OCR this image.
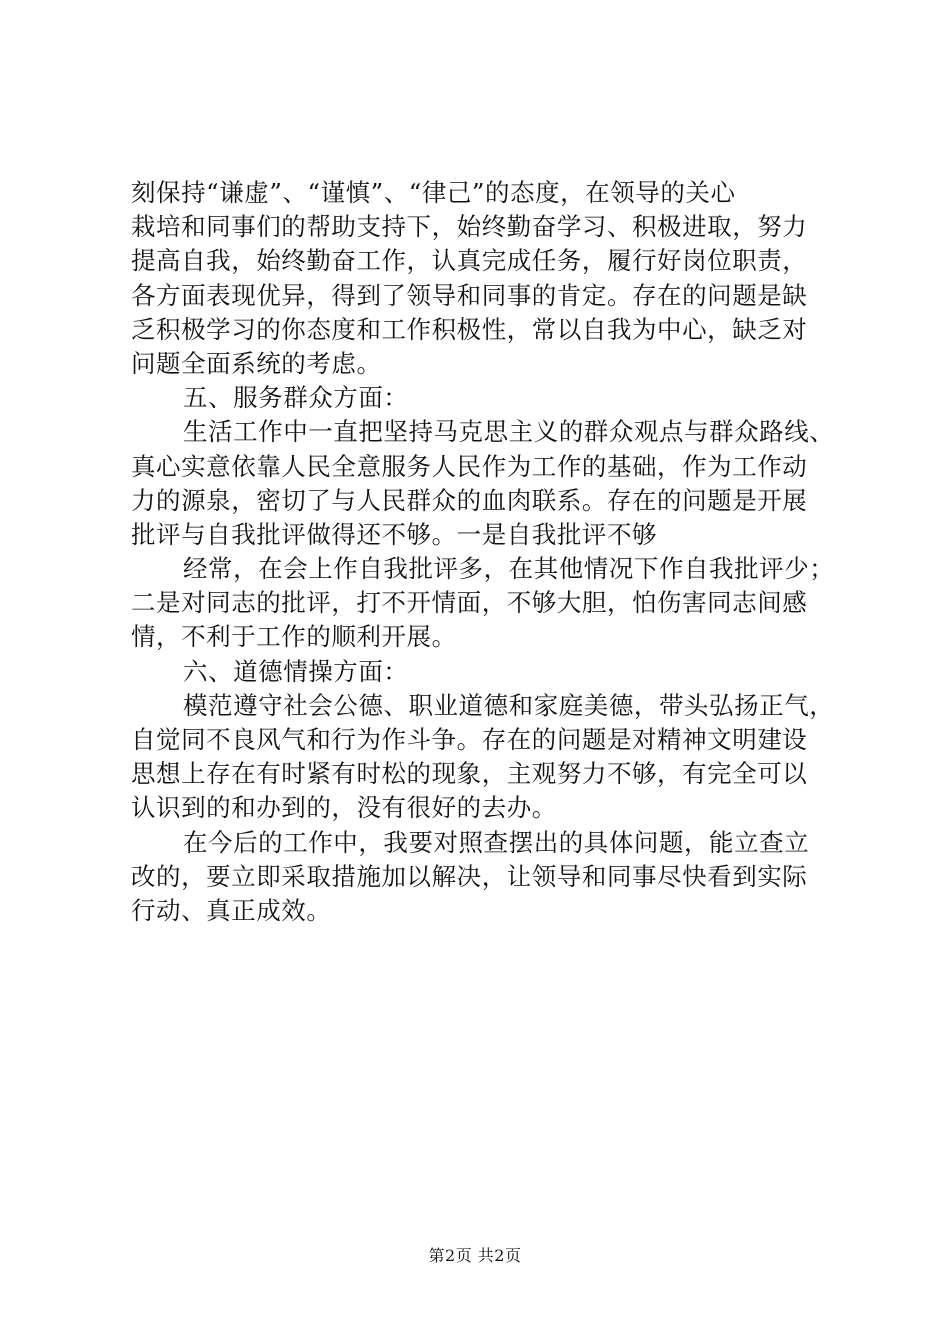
刻保持“谦虚”、“谨慎”、“律己”的态度，在领导的关心
栽培和同事们的帮助支持下，始终勤奋学习、积极进取，努力
提高自我，始终勤奋工作，认真完成任务，履行好岗位职责，
各方面表现优异，得到了领导和同事的肯定。存在的问题是缺
乏积极学习的你态度和工作积极性，常以自我为中心，缺乏对
问题全面系统的考虑。
五、服务群众方面：
生活工作中一直把坚持马克思主义的群众观点与群众路线、
真心实意依靠人民全意服务人民作为工作的基础，作为工作动
力的源泉，密切了与人民群众的血肉联系。存在的问题是开展
批评与自我批评做得还不够。一是自我批评不够
经常，在会上作自我批评多，在其他情况下作自我批评少；
二是对同志的批评，打不开情面，不够大胆，怕伤害同志间感
情，不利于工作的顺利开展。
六、道德情操方面：
模范遵守社会公德、职业道德和家庭美德，带头弘扬正气，
自觉同不良风气和行为作斗争。存在的问题是对精神文明建设
思想上存在有时紧有时松的现象，主观努力不够，有完全可以
认识到的和办到的，没有很好的去办。
在今后的工作中，我要对照查摆出的具体问题，能立查立
改的，要立即采取措施加以解决，让领导和同事尽快看到实际
行动、真正成效。
第2页 共2页
